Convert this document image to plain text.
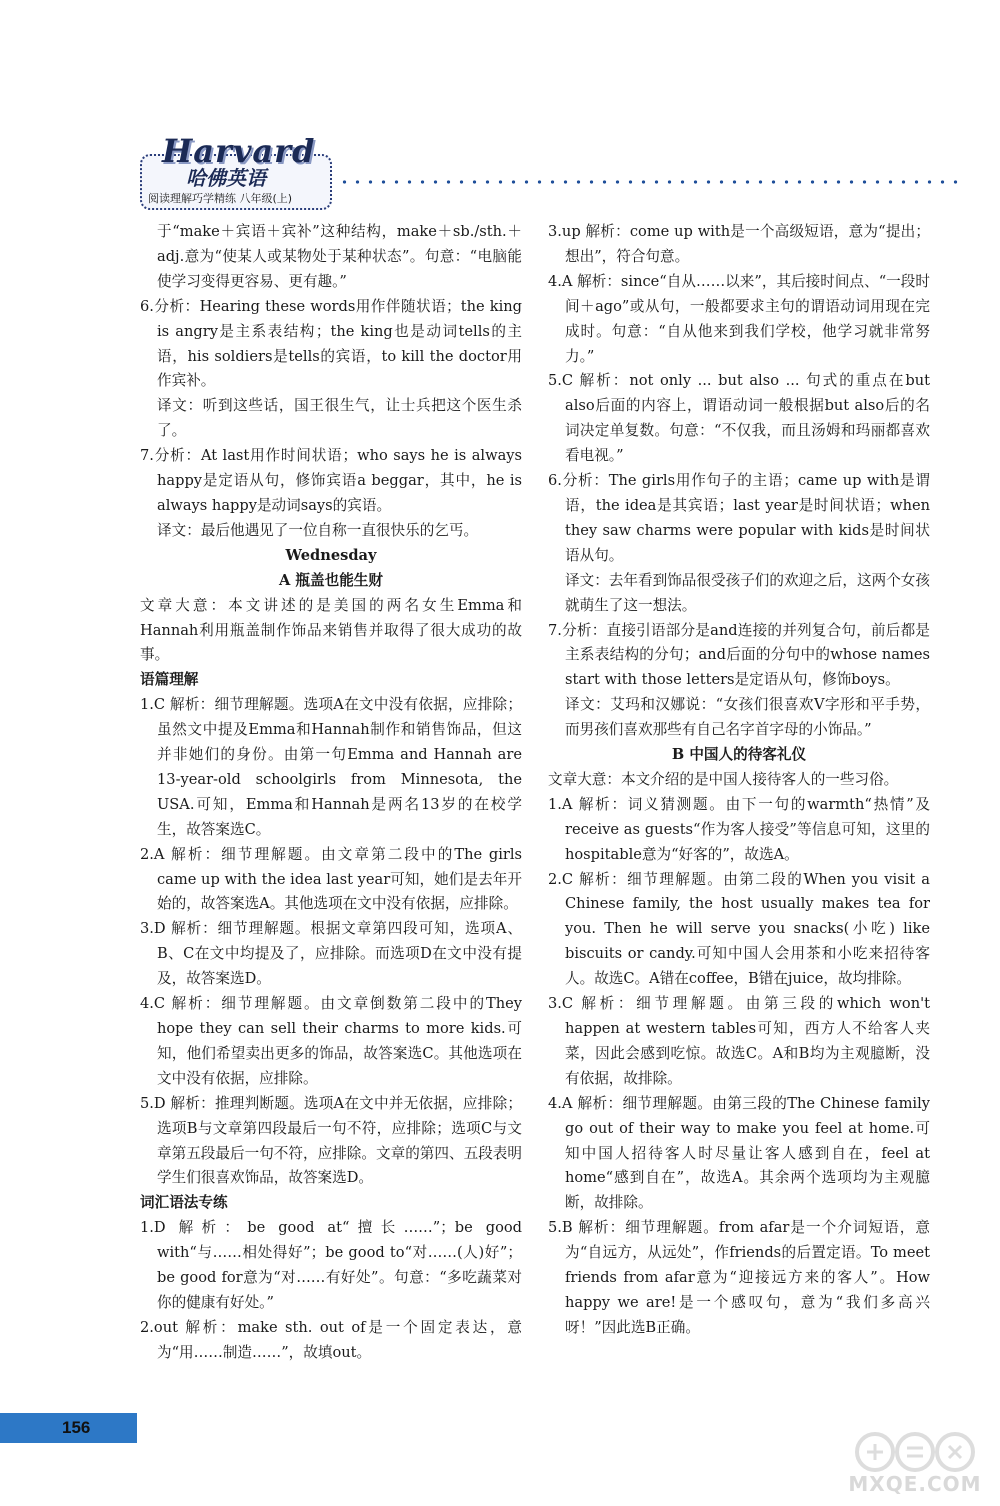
哈佛英语
阅读理解巧学精练 八年级(上)
Harvard

于“make＋宾语＋宾补”这种结构，make＋sb./sth.＋adj.意为“使某人或某物处于某种状态”。句意：“电脑能使学习变得更容易、更有趣。”

6.分析：Hearing these words用作伴随状语；the king is angry是主系表结构；the king也是动词tells的主语，his soldiers是tells的宾语，to kill the doctor用作宾补。

译文：听到这些话，国王很生气，让士兵把这个医生杀了。

7.分析：At last用作时间状语；who says he is always happy是定语从句，修饰宾语a beggar，其中，he is always happy是动词says的宾语。

译文：最后他遇见了一位自称一直很快乐的乞丐。

Wednesday

A 瓶盖也能生财

文章大意：本文讲述的是美国的两名女生Emma和Hannah利用瓶盖制作饰品来销售并取得了很大成功的故事。

语篇理解

1.C 解析：细节理解题。选项A在文中没有依据，应排除；虽然文中提及Emma和Hannah制作和销售饰品，但这并非她们的身份。由第一句Emma and Hannah are 13-year-old schoolgirls from Minnesota, the USA.可知，Emma和Hannah是两名13岁的在校学生，故答案选C。

2.A 解析：细节理解题。由文章第二段中的The girls came up with the idea last year可知，她们是去年开始的，故答案选A。其他选项在文中没有依据，应排除。

3.D 解析：细节理解题。根据文章第四段可知，选项A、B、C在文中均提及了，应排除。而选项D在文中没有提及，故答案选D。

4.C 解析：细节理解题。由文章倒数第二段中的They hope they can sell their charms to more kids.可知，他们希望卖出更多的饰品，故答案选C。其他选项在文中没有依据，应排除。

5.D 解析：推理判断题。选项A在文中并无依据，应排除；选项B与文章第四段最后一句不符，应排除；选项C与文章第五段最后一句不符，应排除。文章的第四、五段表明学生们很喜欢饰品，故答案选D。

词汇语法专练

1.D 解析：be good at“擅长……”；be good with“与……相处得好”；be good to“对……(人)好”；be good for意为“对……有好处”。句意：“多吃蔬菜对你的健康有好处。”

2.out 解析：make sth. out of是一个固定表达，意为“用……制造……”，故填out。

3.up 解析：come up with是一个高级短语，意为“提出；想出”，符合句意。

4.A 解析：since“自从……以来”，其后接时间点、“一段时间＋ago”或从句，一般都要求主句的谓语动词用现在完成时。句意：“自从他来到我们学校，他学习就非常努力。”

5.C 解析：not only ... but also ... 句式的重点在but also后面的内容上，谓语动词一般根据but also后的名词决定单复数。句意：“不仅我，而且汤姆和玛丽都喜欢看电视。”

6.分析：The girls用作句子的主语；came up with是谓语，the idea是其宾语；last year是时间状语；when they saw charms were popular with kids是时间状语从句。

译文：去年看到饰品很受孩子们的欢迎之后，这两个女孩就萌生了这一想法。

7.分析：直接引语部分是and连接的并列复合句，前后都是主系表结构的分句；and后面的分句中的whose names start with those letters是定语从句，修饰boys。

译文：艾玛和汉娜说：“女孩们很喜欢V字形和平手势，而男孩们喜欢那些有自己名字首字母的小饰品。”

B 中国人的待客礼仪

文章大意：本文介绍的是中国人接待客人的一些习俗。

1.A 解析：词义猜测题。由下一句的warmth“热情”及receive as guests“作为客人接受”等信息可知，这里的hospitable意为“好客的”，故选A。

2.C 解析：细节理解题。由第二段的When you visit a Chinese family, the host usually makes tea for you. Then he will serve you snacks(小吃) like biscuits or candy.可知中国人会用茶和小吃来招待客人。故选C。A错在coffee，B错在juice，故均排除。

3.C 解析：细节理解题。由第三段的which won't happen at western tables可知，西方人不给客人夹菜，因此会感到吃惊。故选C。A和B均为主观臆断，没有依据，故排除。

4.A 解析：细节理解题。由第三段的The Chinese family go out of their way to make you feel at home.可知中国人招待客人时尽量让客人感到自在，feel at home“感到自在”，故选A。其余两个选项均为主观臆断，故排除。

5.B 解析：细节理解题。from afar是一个介词短语，意为“自远方，从远处”，作friends的后置定语。To meet friends from afar意为“迎接远方来的客人”。How happy we are!是一个感叹句，意为“我们多高兴呀！”因此选B正确。

156
MXQE.COM
